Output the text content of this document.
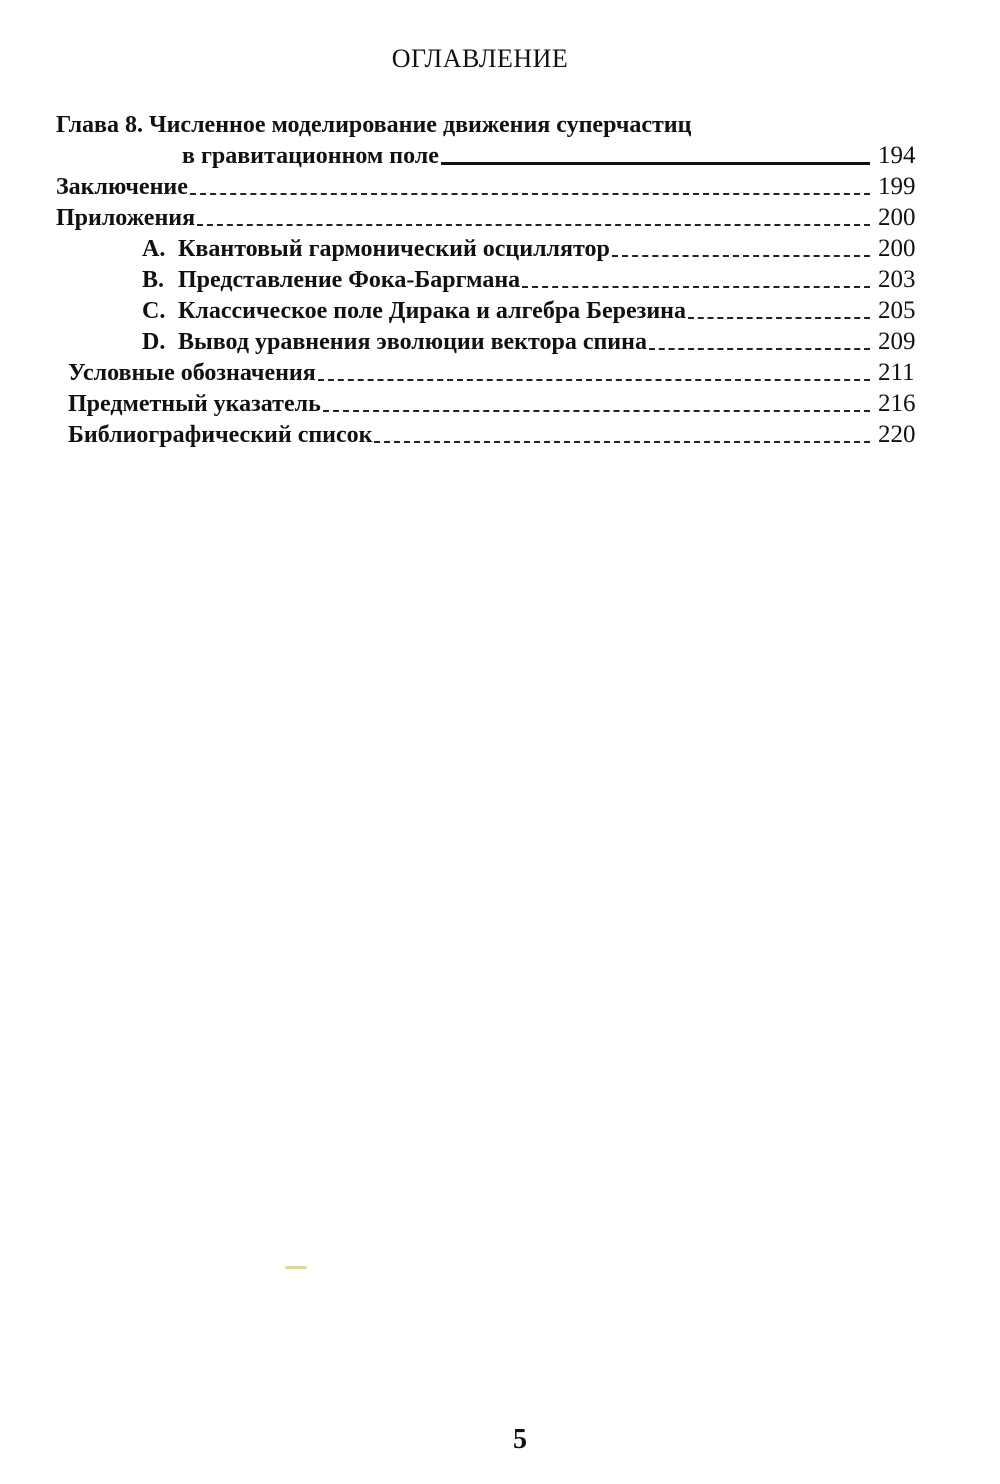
ОГЛАВЛЕНИЕ
Глава 8. Численное моделирование движения суперчастиц
в гравитационном поле	194
Заключение	199
Приложения	200
A. Квантовый гармонический осциллятор	200
B. Представление Фока-Баргмана	203
C. Классическое поле Дирака и алгебра Березина	205
D. Вывод уравнения эволюции вектора спина	209
Условные обозначения	211
Предметный указатель	216
Библиографический список	220
5
